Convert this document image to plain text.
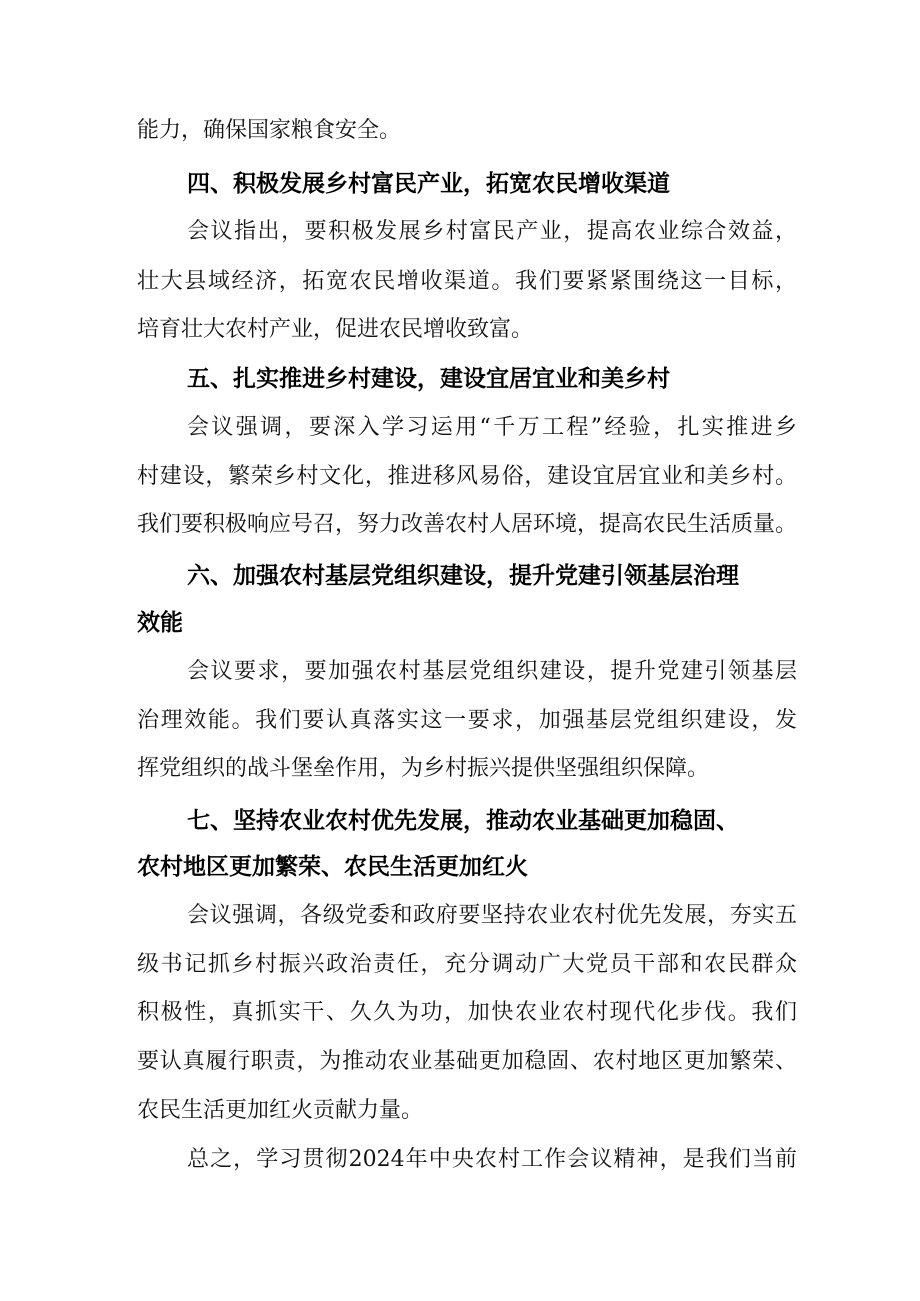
能力，确保国家粮食安全。
四、积极发展乡村富民产业，拓宽农民增收渠道
会议指出，要积极发展乡村富民产业，提高农业综合效益，
壮大县域经济，拓宽农民增收渠道。我们要紧紧围绕这一目标，
培育壮大农村产业，促进农民增收致富。
五、扎实推进乡村建设，建设宜居宜业和美乡村
会议强调，要深入学习运用“千万工程”经验，扎实推进乡
村建设，繁荣乡村文化，推进移风易俗，建设宜居宜业和美乡村。
我们要积极响应号召，努力改善农村人居环境，提高农民生活质量。
六、加强农村基层党组织建设，提升党建引领基层治理
效能
会议要求，要加强农村基层党组织建设，提升党建引领基层
治理效能。我们要认真落实这一要求，加强基层党组织建设，发
挥党组织的战斗堡垒作用，为乡村振兴提供坚强组织保障。
七、坚持农业农村优先发展，推动农业基础更加稳固、
农村地区更加繁荣、农民生活更加红火
会议强调，各级党委和政府要坚持农业农村优先发展，夯实五
级书记抓乡村振兴政治责任，充分调动广大党员干部和农民群众
积极性，真抓实干、久久为功，加快农业农村现代化步伐。我们
要认真履行职责，为推动农业基础更加稳固、农村地区更加繁荣、
农民生活更加红火贡献力量。
总之，学习贯彻2024年中央农村工作会议精神，是我们当前
